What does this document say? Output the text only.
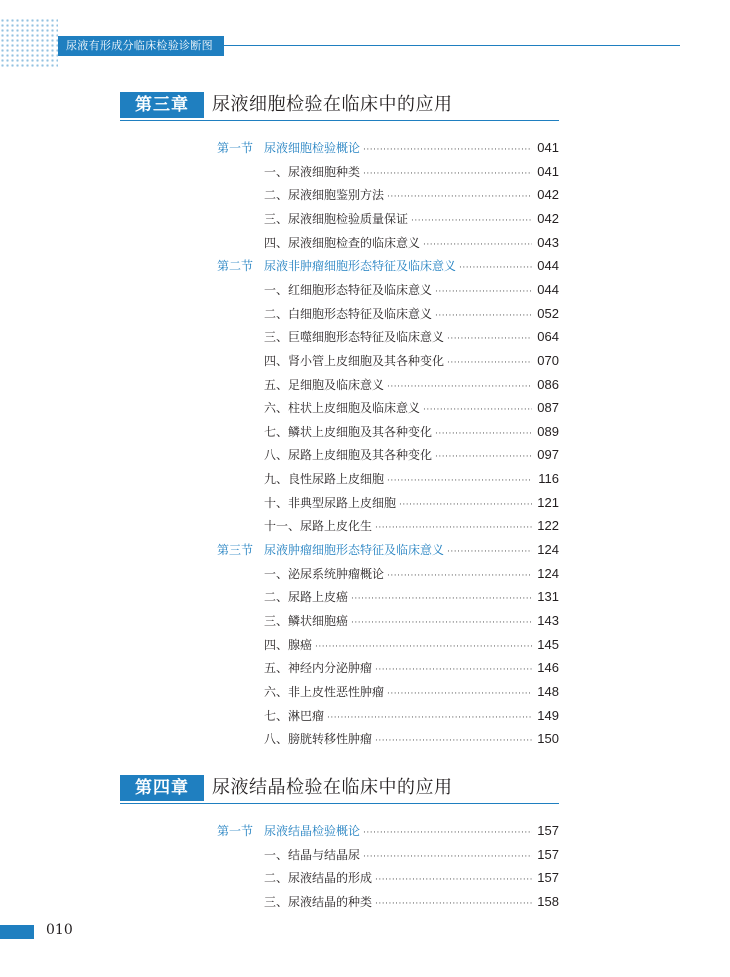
尿液有形成分临床检验诊断图谱
第三章	尿液细胞检验在临床中的应用
第一节 尿液细胞检验概论 ·····	041
一、尿液细胞种类 ·····	041
二、尿液细胞鉴别方法 ·····	042
三、尿液细胞检验质量保证 ·····	042
四、尿液细胞检查的临床意义 ·····	043
第二节 尿液非肿瘤细胞形态特征及临床意义 ·····	044
一、红细胞形态特征及临床意义 ·····	044
二、白细胞形态特征及临床意义 ·····	052
三、巨噬细胞形态特征及临床意义 ·····	064
四、肾小管上皮细胞及其各种变化 ·····	070
五、足细胞及临床意义 ·····	086
六、柱状上皮细胞及临床意义 ·····	087
七、鳞状上皮细胞及其各种变化 ·····	089
八、尿路上皮细胞及其各种变化 ·····	097
九、良性尿路上皮细胞 ·····	116
十、非典型尿路上皮细胞 ·····	121
十一、尿路上皮化生 ·····	122
第三节 尿液肿瘤细胞形态特征及临床意义 ·····	124
一、泌尿系统肿瘤概论 ·····	124
二、尿路上皮癌 ·····	131
三、鳞状细胞癌 ·····	143
四、腺癌 ·····	145
五、神经内分泌肿瘤 ·····	146
六、非上皮性恶性肿瘤 ·····	148
七、淋巴瘤 ·····	149
八、膀胱转移性肿瘤 ·····	150
第四章	尿液结晶检验在临床中的应用
第一节 尿液结晶检验概论 ·····	157
一、结晶与结晶尿 ·····	157
二、尿液结晶的形成 ·····	157
三、尿液结晶的种类 ·····	158
010
